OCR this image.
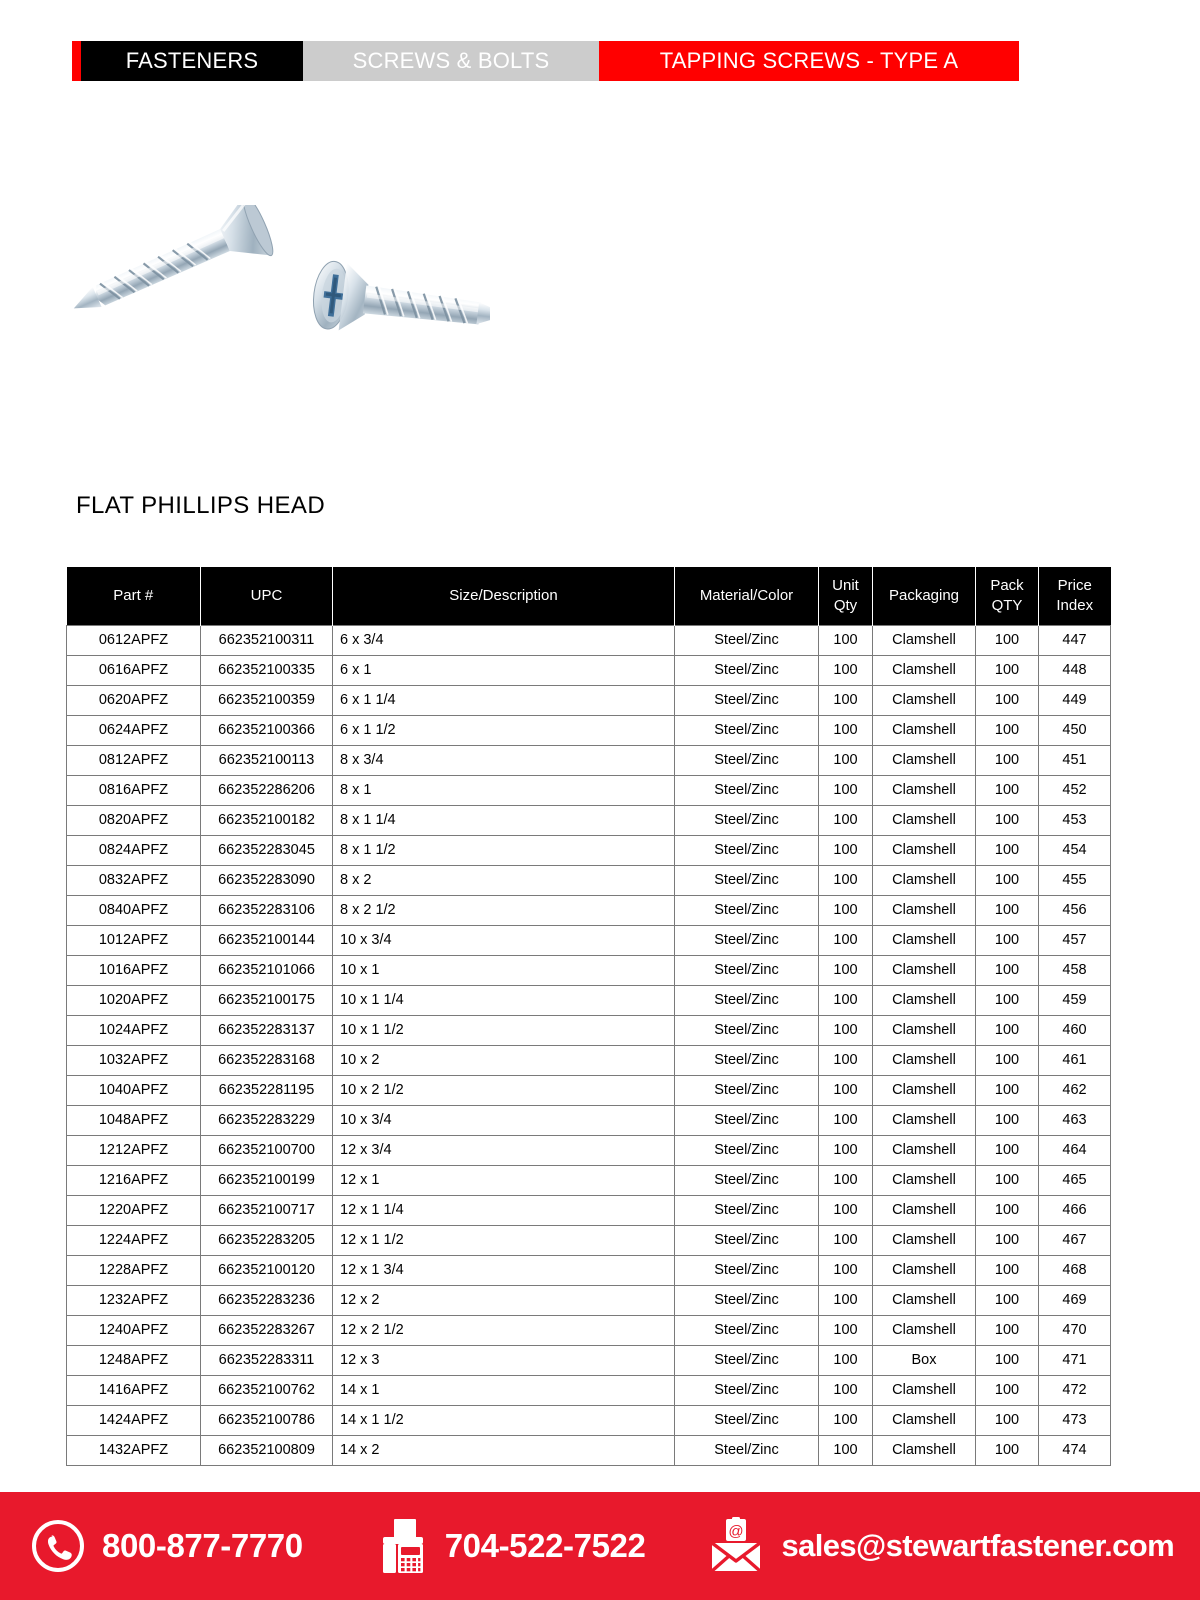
FASTENERS	SCREWS & BOLTS	TAPPING SCREWS - TYPE A
FLAT PHILLIPS HEAD
Part #	UPC	Size/Description	Material/Color	Unit Qty	Packaging	Pack QTY	Price Index
0612APFZ	662352100311	6 x 3/4	Steel/Zinc	100	Clamshell	100	447
0616APFZ	662352100335	6 x 1	Steel/Zinc	100	Clamshell	100	448
0620APFZ	662352100359	6 x 1 1/4	Steel/Zinc	100	Clamshell	100	449
0624APFZ	662352100366	6 x 1 1/2	Steel/Zinc	100	Clamshell	100	450
0812APFZ	662352100113	8 x 3/4	Steel/Zinc	100	Clamshell	100	451
0816APFZ	662352286206	8 x 1	Steel/Zinc	100	Clamshell	100	452
0820APFZ	662352100182	8 x 1 1/4	Steel/Zinc	100	Clamshell	100	453
0824APFZ	662352283045	8 x 1 1/2	Steel/Zinc	100	Clamshell	100	454
0832APFZ	662352283090	8 x 2	Steel/Zinc	100	Clamshell	100	455
0840APFZ	662352283106	8 x 2 1/2	Steel/Zinc	100	Clamshell	100	456
1012APFZ	662352100144	10 x 3/4	Steel/Zinc	100	Clamshell	100	457
1016APFZ	662352101066	10 x 1	Steel/Zinc	100	Clamshell	100	458
1020APFZ	662352100175	10 x 1 1/4	Steel/Zinc	100	Clamshell	100	459
1024APFZ	662352283137	10 x 1 1/2	Steel/Zinc	100	Clamshell	100	460
1032APFZ	662352283168	10 x 2	Steel/Zinc	100	Clamshell	100	461
1040APFZ	662352281195	10 x 2 1/2	Steel/Zinc	100	Clamshell	100	462
1048APFZ	662352283229	10 x 3/4	Steel/Zinc	100	Clamshell	100	463
1212APFZ	662352100700	12 x 3/4	Steel/Zinc	100	Clamshell	100	464
1216APFZ	662352100199	12 x 1	Steel/Zinc	100	Clamshell	100	465
1220APFZ	662352100717	12 x 1 1/4	Steel/Zinc	100	Clamshell	100	466
1224APFZ	662352283205	12 x 1 1/2	Steel/Zinc	100	Clamshell	100	467
1228APFZ	662352100120	12 x 1 3/4	Steel/Zinc	100	Clamshell	100	468
1232APFZ	662352283236	12 x 2	Steel/Zinc	100	Clamshell	100	469
1240APFZ	662352283267	12 x 2 1/2	Steel/Zinc	100	Clamshell	100	470
1248APFZ	662352283311	12 x 3	Steel/Zinc	100	Box	100	471
1416APFZ	662352100762	14 x 1	Steel/Zinc	100	Clamshell	100	472
1424APFZ	662352100786	14 x 1 1/2	Steel/Zinc	100	Clamshell	100	473
1432APFZ	662352100809	14 x 2	Steel/Zinc	100	Clamshell	100	474
800-877-7770	704-522-7522	@ sales@stewartfastener.com
